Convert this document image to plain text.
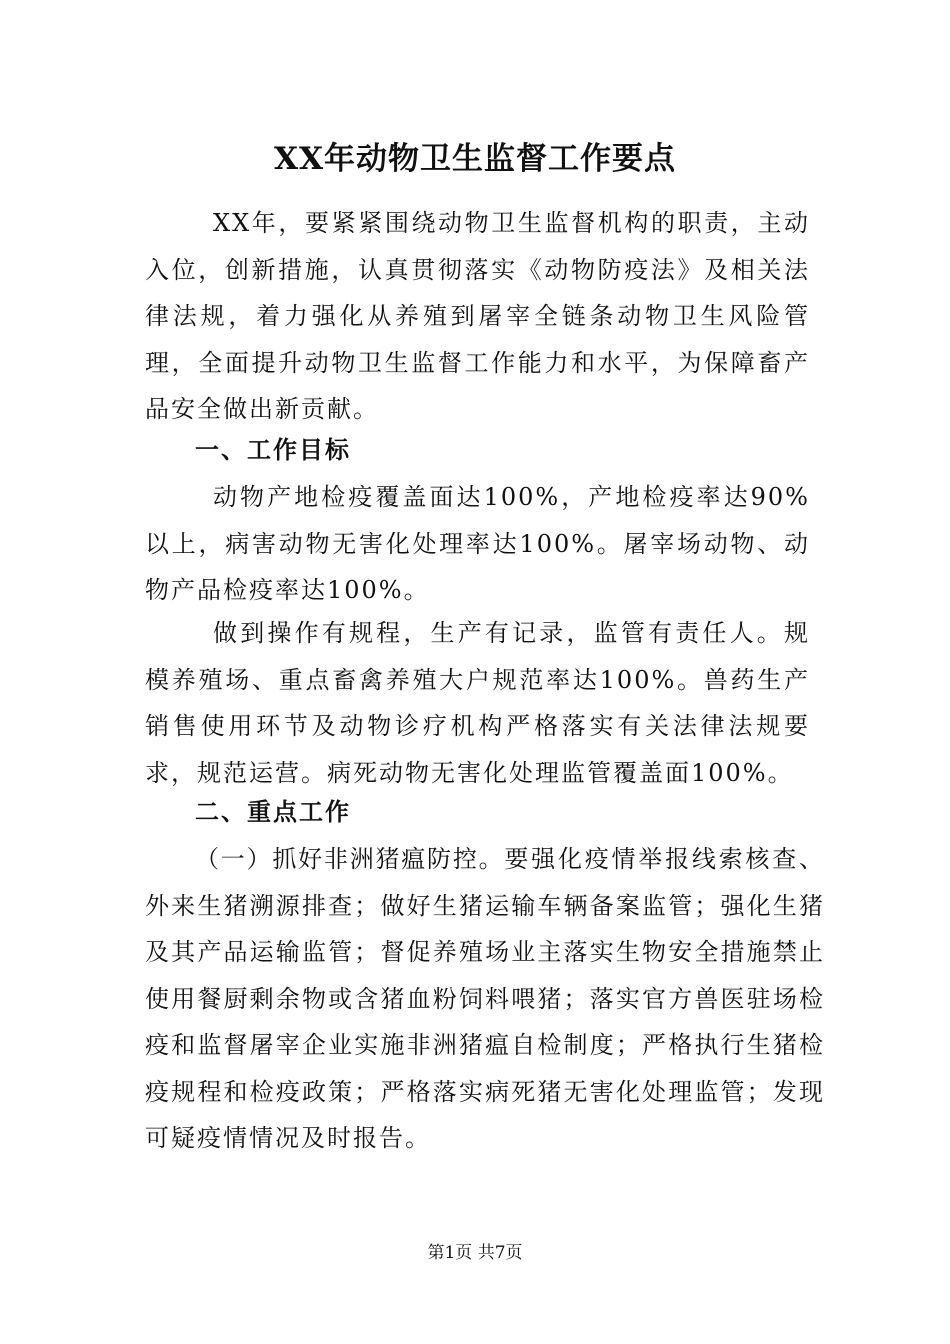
XX年动物卫生监督工作要点

XX年，要紧紧围绕动物卫生监督机构的职责，主动入位，创新措施，认真贯彻落实《动物防疫法》及相关法律法规，着力强化从养殖到屠宰全链条动物卫生风险管理，全面提升动物卫生监督工作能力和水平，为保障畜产品安全做出新贡献。

一、工作目标

动物产地检疫覆盖面达100%，产地检疫率达90%以上，病害动物无害化处理率达100%。屠宰场动物、动物产品检疫率达100%。

做到操作有规程，生产有记录，监管有责任人。规模养殖场、重点畜禽养殖大户规范率达100%。兽药生产销售使用环节及动物诊疗机构严格落实有关法律法规要求，规范运营。病死动物无害化处理监管覆盖面100%。

二、重点工作

（一）抓好非洲猪瘟防控。要强化疫情举报线索核查、外来生猪溯源排查；做好生猪运输车辆备案监管；强化生猪及其产品运输监管；督促养殖场业主落实生物安全措施禁止使用餐厨剩余物或含猪血粉饲料喂猪；落实官方兽医驻场检疫和监督屠宰企业实施非洲猪瘟自检制度；严格执行生猪检疫规程和检疫政策；严格落实病死猪无害化处理监管；发现可疑疫情情况及时报告。

第1页 共7页
